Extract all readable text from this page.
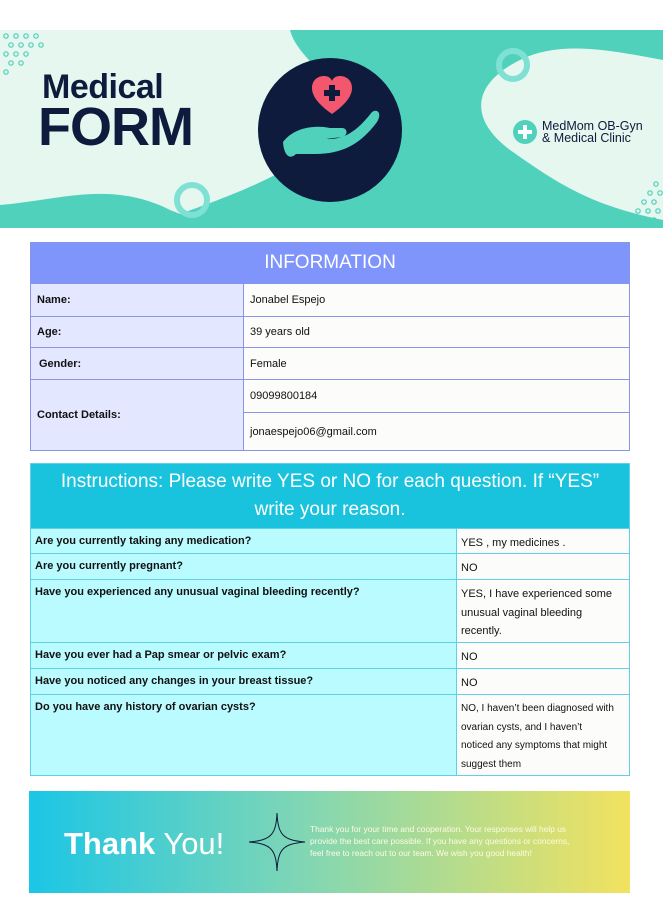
Medical
FORM	MedMom OB-Gyn
& Medical Clinic
INFORMATION
Name:	Jonabel Espejo
Age:	39 years old
Gender:	Female
Contact Details:
09099800184
jonaespejo06@gmail.com
Instructions: Please write YES or NO for each question. If “YES”
write your reason.
Are you currently taking any medication?	YES , my medicines .
Are you currently pregnant?	NO
Have you experienced any unusual vaginal bleeding recently?	YES, I have experienced some
unusual vaginal bleeding
recently.
Have you ever had a Pap smear or pelvic exam?	NO
Have you noticed any changes in your breast tissue?	NO
Do you have any history of ovarian cysts?	NO, I haven’t been diagnosed with
ovarian cysts, and I haven’t
noticed any symptoms that might
suggest them
Thank You!	Thank you for your time and cooperation. Your responses will help us
provide the best care possible. If you have any questions or concerns,
feel free to reach out to our team. We wish you good health!
